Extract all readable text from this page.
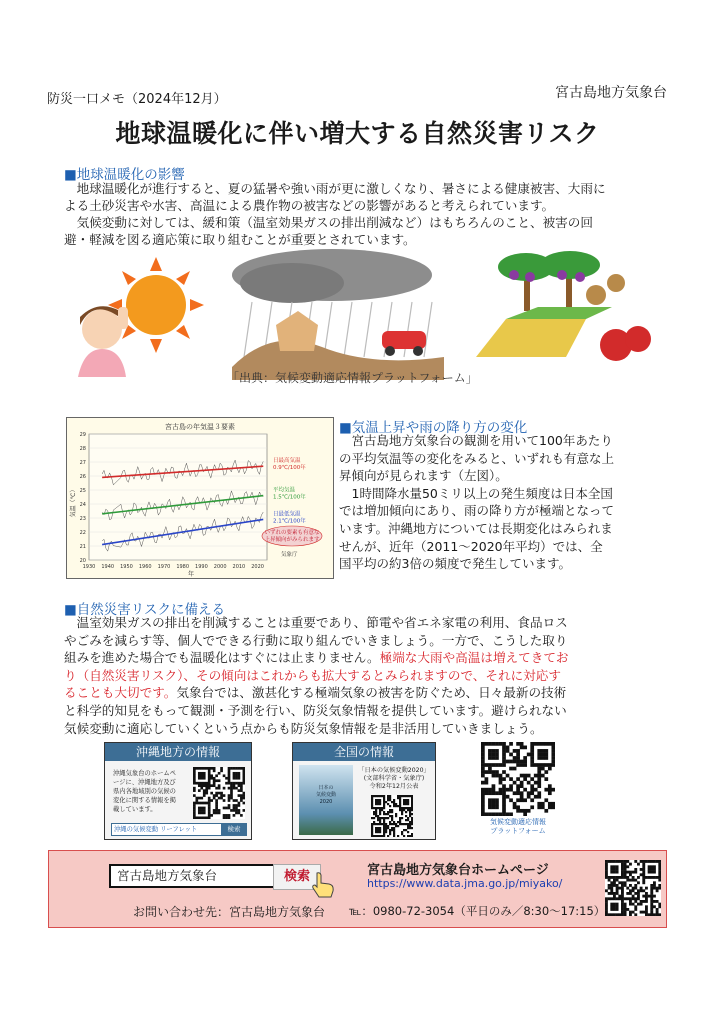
防災一口メモ（2024年12月）	宮古島地方気象台
地球温暖化に伴い増大する自然災害リスク
■地球温暖化の影響
　地球温暖化が進行すると、夏の猛暑や強い雨が更に激しくなり、暑さによる健康被害、大雨に
よる土砂災害や水害、高温による農作物の被害などの影響があると考えられています。
　気候変動に対しては、緩和策（温室効果ガスの排出削減など）はもちろんのこと、被害の回
避・軽減を図る適応策に取り組むことが重要とされています。
「出典：気候変動適応情報プラットフォーム」
宮古島の年気温３要素
20
21
22
23
24
25
26
27
28
29
1930 1940 1950 1960 1970 1980 1990 2000 2010 2020
日最高気温
0.9℃/100年
平均気温
1.5℃/100年
日最低気温
2.1℃/100年
気温（℃）
年
いずれの要素も有意な
上昇傾向がみられます
気象庁
■気温上昇や雨の降り方の変化
　宮古島地方気象台の観測を用いて100年あたり
の平均気温等の変化をみると、いずれも有意な上
昇傾向が見られます（左図）。
　1時間降水量50ミリ以上の発生頻度は日本全国
では増加傾向にあり、雨の降り方が極端となって
います。沖縄地方については長期変化はみられま
せんが、近年（2011～2020年平均）では、全
国平均の約3倍の頻度で発生しています。
■自然災害リスクに備える
　温室効果ガスの排出を削減することは重要であり、節電や省エネ家電の利用、食品ロス
やごみを減らす等、個人でできる行動に取り組んでいきましょう。一方で、こうした取り
組みを進めた場合でも温暖化はすぐには止まりません。極端な大雨や高温は増えてきてお
り（自然災害リスク）、その傾向はこれからも拡大するとみられますので、それに対応す
ることも大切です。気象台では、激甚化する極端気象の被害を防ぐため、日々最新の技術
と科学的知見をもって観測・予測を行い、防災気象情報を提供しています。避けられない
気候変動に適応していくという点からも防災気象情報を是非活用していきましょう。
沖縄地方の情報
沖縄気象台のホームペ
ージに、沖縄地方及び
県内各地域別の気候の
変化に関する情報を掲
載しています。
沖縄の気候変動 リーフレット	検索
全国の情報
日本の
気候変動
2020
「日本の気候変動2020」
(文部科学省・気象庁)
令和2年12月公表
気候変動適応情報
プラットフォーム
宮古島地方気象台	検索	宮古島地方気象台ホームページ
https://www.data.jma.go.jp/miyako/
お問い合わせ先：宮古島地方気象台 ℡：0980-72-3054（平日のみ／8:30～17:15）
